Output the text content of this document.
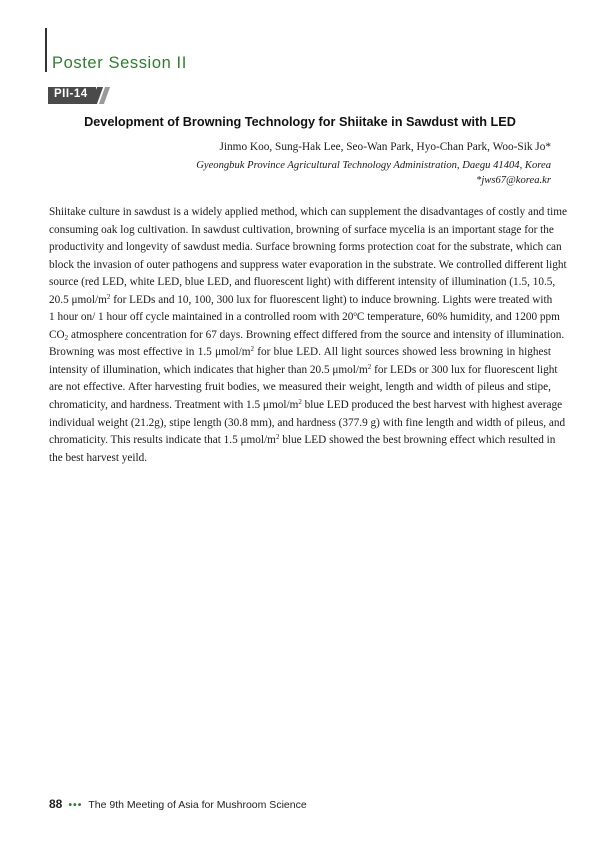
Poster Session II
PII-14
Development of Browning Technology for Shiitake in Sawdust with LED
Jinmo Koo, Sung-Hak Lee, Seo-Wan Park, Hyo-Chan Park, Woo-Sik Jo*
Gyeongbuk Province Agricultural Technology Administration, Daegu 41404, Korea
*jws67@korea.kr
Shiitake culture in sawdust is a widely applied method, which can supplement the disadvantages of costly and time
consuming oak log cultivation. In sawdust cultivation, browning of surface mycelia is an important stage for the
productivity and longevity of sawdust media. Surface browning forms protection coat for the substrate, which can
block the invasion of outer pathogens and suppress water evaporation in the substrate. We controlled different light
source (red LED, white LED, blue LED, and fluorescent light) with different intensity of illumination (1.5, 10.5,
20.5 μmol/$m^2$ for LEDs and 10, 100, 300 lux for fluorescent light) to induce browning. Lights were treated with
1 hour on/ 1 hour off cycle maintained in a controlled room with 20$^o$C temperature, 60% humidity, and 1200 ppm
$CO_2$ atmosphere concentration for 67 days. Browning effect differed from the source and intensity of illumination.
Browning was most effective in 1.5 μmol/$m^2$ for blue LED. All light sources showed less browning in highest
intensity of illumination, which indicates that higher than 20.5 μmol/$m^2$ for LEDs or 300 lux for fluorescent light
are not effective. After harvesting fruit bodies, we measured their weight, length and width of pileus and stipe,
chromaticity, and hardness. Treatment with 1.5 μmol/$m^2$ blue LED produced the best harvest with highest average
individual weight (21.2g), stipe length (30.8 mm), and hardness (377.9 g) with fine length and width of pileus, and
chromaticity. This results indicate that 1.5 μmol/$m^2$ blue LED showed the best browning effect which resulted in
the best harvest yeild.
88 ••• The 9th Meeting of Asia for Mushroom Science
